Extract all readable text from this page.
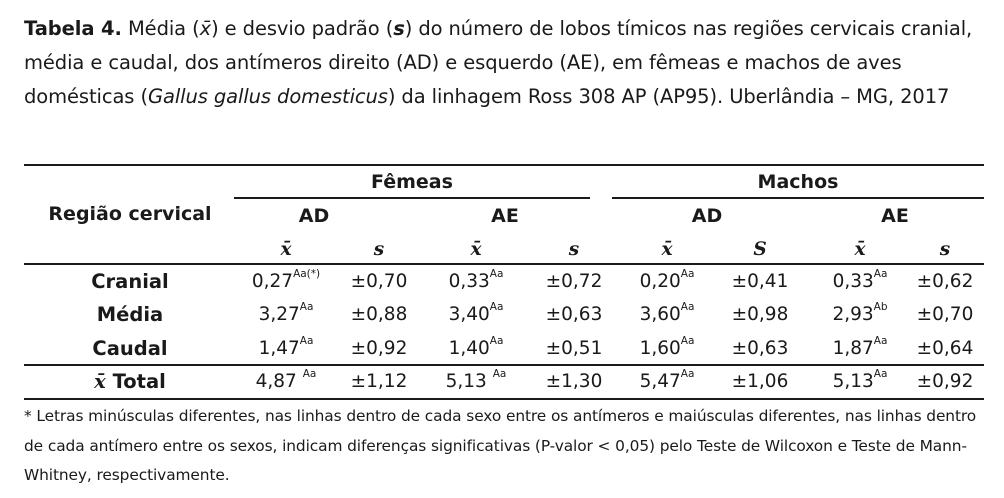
Tabela 4. Média (x̄) e desvio padrão (s) do número de lobos tímicos nas regiões cervicais cranial, média e caudal, dos antímeros direito (AD) e esquerdo (AE), em fêmeas e machos de aves domésticas (Gallus gallus domesticus) da linhagem Ross 308 AP (AP95). Uberlândia – MG, 2017
Região cervical
Fêmeas	Machos
AD	AE	AD	AE
x̄	s	x̄	s	x̄	S	x̄	s
Cranial	$0,27^{Aa(*)}$	±0,70	$0,33^{Aa}$	±0,72	$0,20^{Aa}$	±0,41	$0,33^{Aa}$	±0,62
Média	$3,27^{Aa}$	±0,88	$3,40^{Aa}$	±0,63	$3,60^{Aa}$	±0,98	$2,93^{Ab}$	±0,70
Caudal	$1,47^{Aa}$	±0,92	$1,40^{Aa}$	±0,51	$1,60^{Aa}$	±0,63	$1,87^{Aa}$	±0,64
x̄ Total	4,87 $^{Aa}$	±1,12	5,13 $^{Aa}$	±1,30	$5,47^{Aa}$	±1,06	$5,13^{Aa}$	±0,92
* Letras minúsculas diferentes, nas linhas dentro de cada sexo entre os antímeros e maiúsculas diferentes, nas linhas dentro de cada antímero entre os sexos, indicam diferenças significativas (P-valor < 0,05) pelo Teste de Wilcoxon e Teste de Mann-Whitney, respectivamente.
